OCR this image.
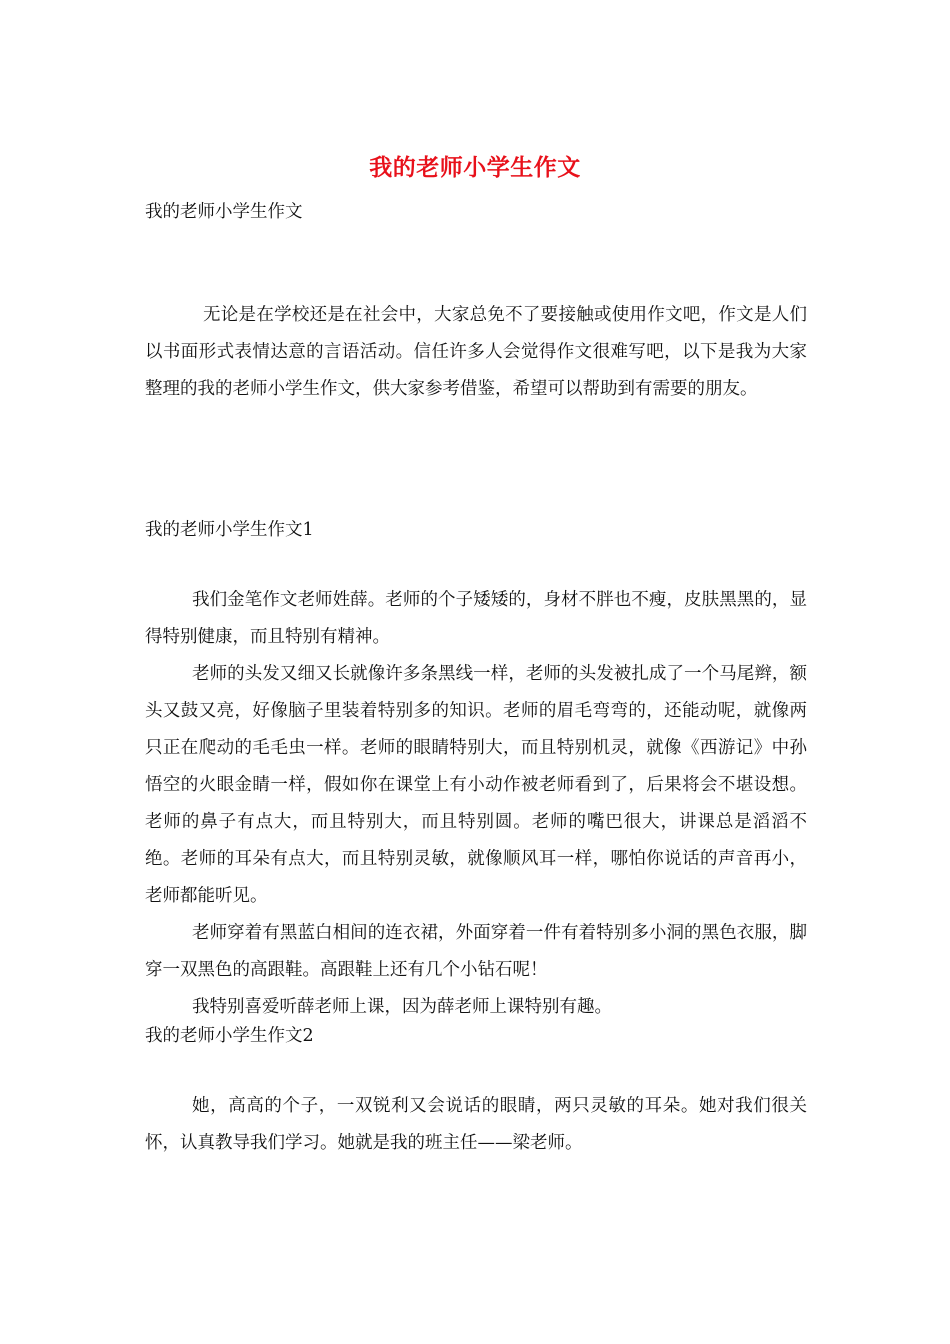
我的老师小学生作文
我的老师小学生作文
无论是在学校还是在社会中，大家总免不了要接触或使用作文吧，作文是人们以书面形式表情达意的言语活动。信任许多人会觉得作文很难写吧，以下是我为大家整理的我的老师小学生作文，供大家参考借鉴，希望可以帮助到有需要的朋友。
我的老师小学生作文1

我们金笔作文老师姓薛。老师的个子矮矮的，身材不胖也不瘦，皮肤黑黑的，显得特别健康，而且特别有精神。

老师的头发又细又长就像许多条黑线一样，老师的头发被扎成了一个马尾辫，额头又鼓又亮，好像脑子里装着特别多的知识。老师的眉毛弯弯的，还能动呢，就像两只正在爬动的毛毛虫一样。老师的眼睛特别大，而且特别机灵，就像《西游记》中孙悟空的火眼金睛一样，假如你在课堂上有小动作被老师看到了，后果将会不堪设想。老师的鼻子有点大，而且特别大，而且特别圆。老师的嘴巴很大，讲课总是滔滔不绝。老师的耳朵有点大，而且特别灵敏，就像顺风耳一样，哪怕你说话的声音再小，老师都能听见。

老师穿着有黑蓝白相间的连衣裙，外面穿着一件有着特别多小洞的黑色衣服，脚穿一双黑色的高跟鞋。高跟鞋上还有几个小钻石呢！

我特别喜爱听薛老师上课，因为薛老师上课特别有趣。

我的老师小学生作文2

她，高高的个子，一双锐利又会说话的眼睛，两只灵敏的耳朵。她对我们很关怀，认真教导我们学习。她就是我的班主任——梁老师。
